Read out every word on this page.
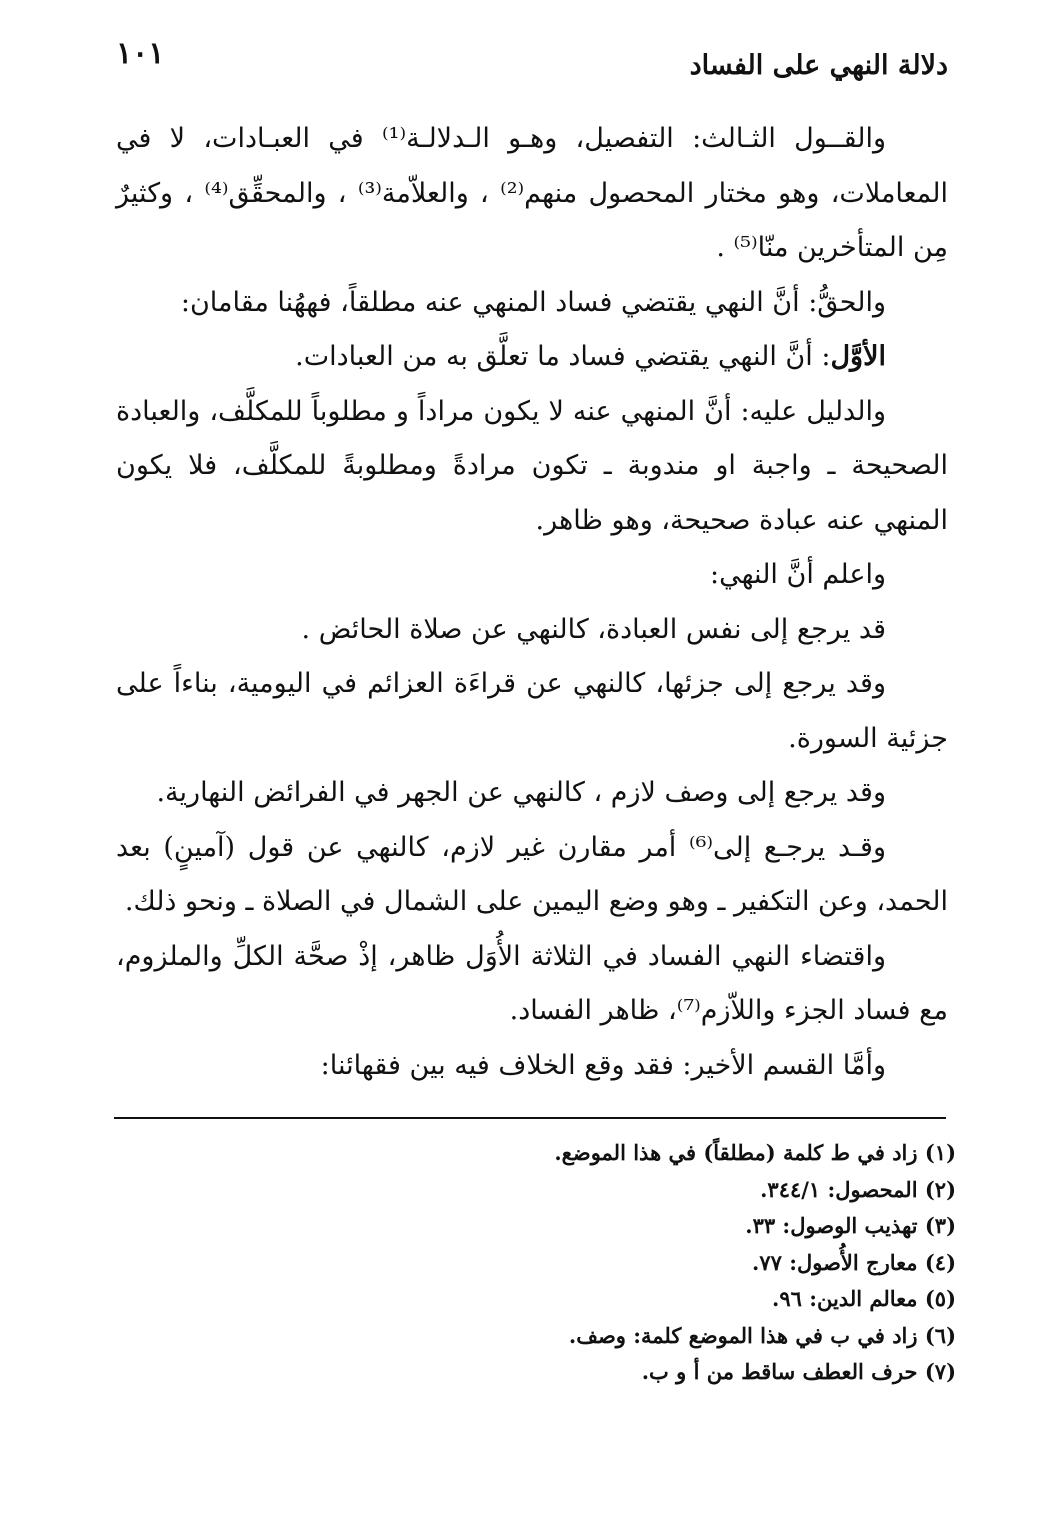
دلالة النهي على الفساد
١٠١

والقــول الثـالث: التفصيل، وهـو الـدلالـة⁽¹⁾ في العبـادات، لا في المعاملات، وهو مختار المحصول منهم⁽²⁾ ، والعلاّمة⁽³⁾ ، والمحقِّق⁽⁴⁾ ، وكثيرٌ مِن المتأخرين منّا⁽⁵⁾ .

والحقُّ: أنَّ النهي يقتضي فساد المنهي عنه مطلقاً، فههُنا مقامان:

الأوَّل: أنَّ النهي يقتضي فساد ما تعلَّق به من العبادات.

والدليل عليه: أنَّ المنهي عنه لا يكون مراداً و مطلوباً للمكلَّف، والعبادة الصحيحة ـ واجبة او مندوبة ـ تكون مرادةً ومطلوبةً للمكلَّف، فلا يكون المنهي عنه عبادة صحيحة، وهو ظاهر.

واعلم أنَّ النهي:

قد يرجع إلى نفس العبادة، كالنهي عن صلاة الحائض .

وقد يرجع إلى جزئها، كالنهي عن قراءَة العزائم في اليومية، بناءاً على جزئية السورة.

وقد يرجع إلى وصف لازم ، كالنهي عن الجهر في الفرائض النهارية.

وقـد يرجـع إلى⁽⁶⁾ أمر مقارن غير لازم، كالنهي عن قول (آمينٍ) بعد الحمد، وعن التكفير ـ وهو وضع اليمين على الشمال في الصلاة ـ ونحو ذلك.

واقتضاء النهي الفساد في الثلاثة الأُوَل ظاهر، إذْ صحَّة الكلِّ والملزوم، مع فساد الجزء واللاّزم⁽⁷⁾، ظاهر الفساد.

وأمَّا القسم الأخير: فقد وقع الخلاف فيه بين فقهائنا:

(١) زاد في ط كلمة (مطلقاً) في هذا الموضع.

(٢) المحصول: ٣٤٤/١.

(٣) تهذيب الوصول: ٣٣.

(٤) معارج الأُصول: ٧٧.

(٥) معالم الدين: ٩٦.

(٦) زاد في ب في هذا الموضع كلمة: وصف.

(٧) حرف العطف ساقط من أ و ب.
